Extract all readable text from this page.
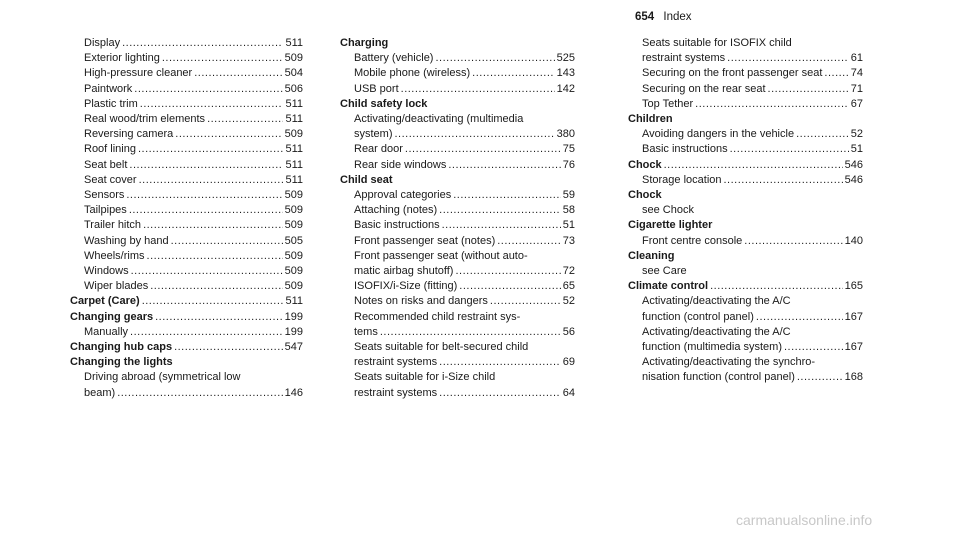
654 Index
Display .....	511
Exterior lighting .....	509
High-pressure cleaner .....	504
Paintwork .....	506
Plastic trim .....	511
Real wood/trim elements .....	511
Reversing camera .....	509
Roof lining .....	511
Seat belt .....	511
Seat cover .....	511
Sensors .....	509
Tailpipes .....	509
Trailer hitch .....	509
Washing by hand .....	505
Wheels/rims .....	509
Windows .....	509
Wiper blades .....	509
Carpet (Care) .....	511
Changing gears .....	199
Manually .....	199
Changing hub caps .....	547
Changing the lights
Driving abroad (symmetrical low
beam) .....	146
Charging
Battery (vehicle) .....	525
Mobile phone (wireless) .....	143
USB port .....	142
Child safety lock
Activating/deactivating (multimedia
system) .....	380
Rear door .....	75
Rear side windows .....	76
Child seat
Approval categories .....	59
Attaching (notes) .....	58
Basic instructions .....	51
Front passenger seat (notes) .....	73
Front passenger seat (without auto-
matic airbag shutoff) .....	72
ISOFIX/i-Size (fitting) .....	65
Notes on risks and dangers .....	52
Recommended child restraint sys-
tems .....	56
Seats suitable for belt-secured child
restraint systems .....	69
Seats suitable for i-Size child
restraint systems .....	64
Seats suitable for ISOFIX child
restraint systems .....	61
Securing on the front passenger seat .....	74
Securing on the rear seat .....	71
Top Tether .....	67
Children
Avoiding dangers in the vehicle .....	52
Basic instructions .....	51
Chock .....	546
Storage location .....	546
Chock
see Chock
Cigarette lighter
Front centre console .....	140
Cleaning
see Care
Climate control .....	165
Activating/deactivating the A/C
function (control panel) .....	167
Activating/deactivating the A/C
function (multimedia system) .....	167
Activating/deactivating the synchro-
nisation function (control panel) .....	168
carmanualsonline.info
